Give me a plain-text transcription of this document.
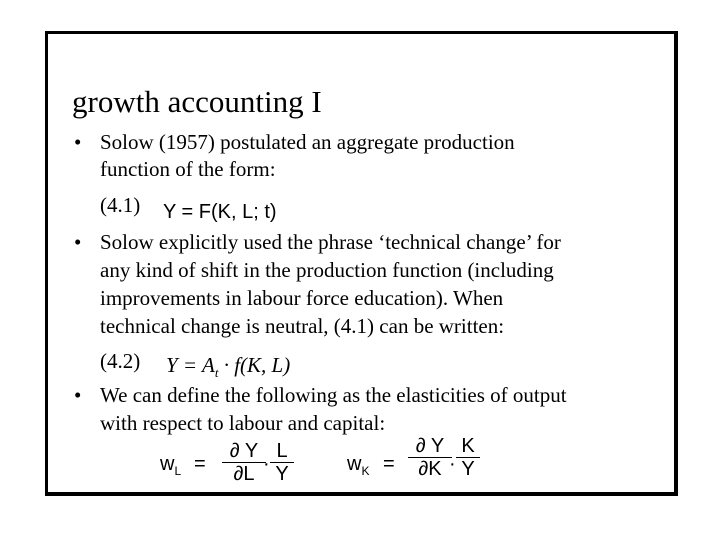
growth accounting I
• Solow (1957) postulated an aggregate production
function of the form:
(4.1) Y = F(K, L; t)
• Solow explicitly used the phrase ‘technical change’ for
any kind of shift in the production function (including
improvements in labour force education). When
technical change is neutral, (4.1) can be written:
(4.2) $Y = A_t \cdot f(K$, L)
• We can define the following as the elasticities of output
with respect to labour and capital:
$w_L$ =
∂ Y
∂L ·
L
Y	$w_K$ =
∂ Y
∂K ·
K
Y
